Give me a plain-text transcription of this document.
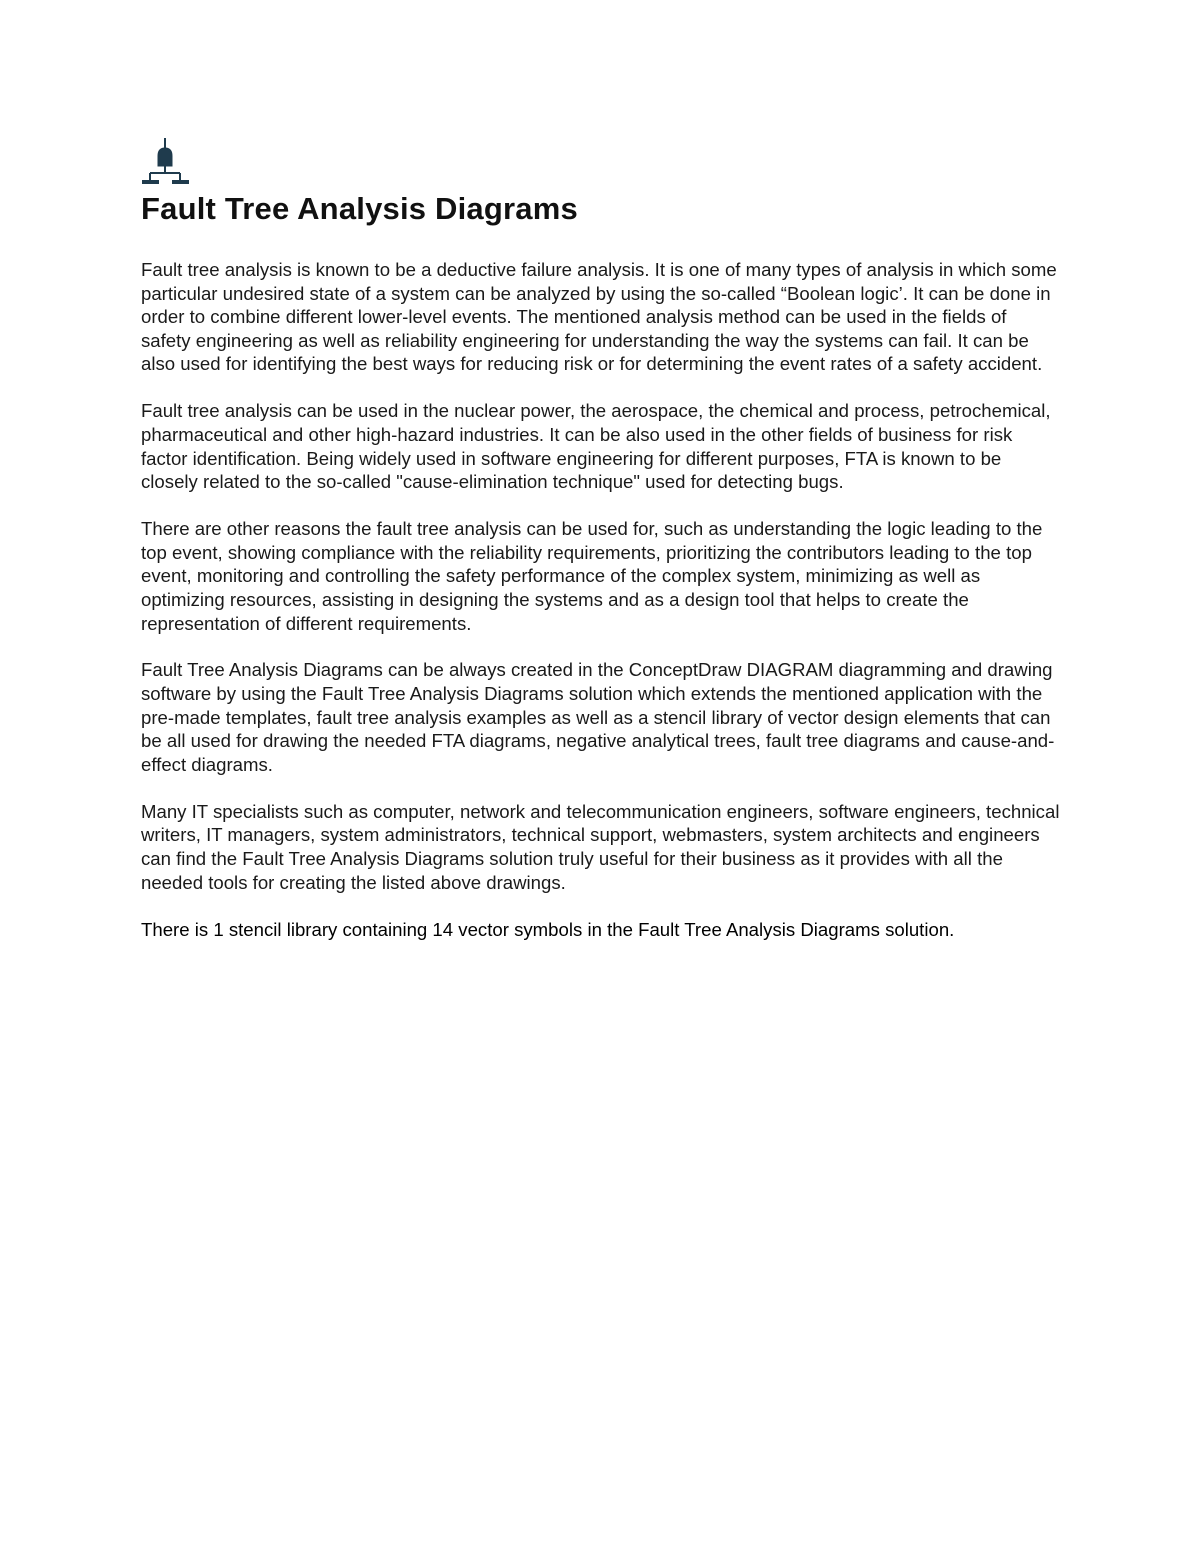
Fault Tree Analysis Diagrams

Fault tree analysis is known to be a deductive failure analysis. It is one of many types of analysis in which some particular undesired state of a system can be analyzed by using the so-called “Boolean logic’. It can be done in order to combine different lower-level events. The mentioned analysis method can be used in the fields of safety engineering as well as reliability engineering for understanding the way the systems can fail. It can be also used for identifying the best ways for reducing risk or for determining the event rates of a safety accident.

Fault tree analysis can be used in the nuclear power, the aerospace, the chemical and process, petrochemical, pharmaceutical and other high-hazard industries. It can be also used in the other fields of business for risk factor identification. Being widely used in software engineering for different purposes, FTA is known to be closely related to the so-called "cause-elimination technique" used for detecting bugs.

There are other reasons the fault tree analysis can be used for, such as understanding the logic leading to the top event, showing compliance with the reliability requirements, prioritizing the contributors leading to the top event, monitoring and controlling the safety performance of the complex system, minimizing as well as optimizing resources, assisting in designing the systems and as a design tool that helps to create the representation of different requirements.

Fault Tree Analysis Diagrams can be always created in the ConceptDraw DIAGRAM diagramming and drawing software by using the Fault Tree Analysis Diagrams solution which extends the mentioned application with the pre-made templates, fault tree analysis examples as well as a stencil library of vector design elements that can be all used for drawing the needed FTA diagrams, negative analytical trees, fault tree diagrams and cause-and-effect diagrams.

Many IT specialists such as computer, network and telecommunication engineers, software engineers, technical writers, IT managers, system administrators, technical support, webmasters, system architects and engineers can find the Fault Tree Analysis Diagrams solution truly useful for their business as it provides with all the needed tools for creating the listed above drawings.

There is 1 stencil library containing 14 vector symbols in the Fault Tree Analysis Diagrams solution.
